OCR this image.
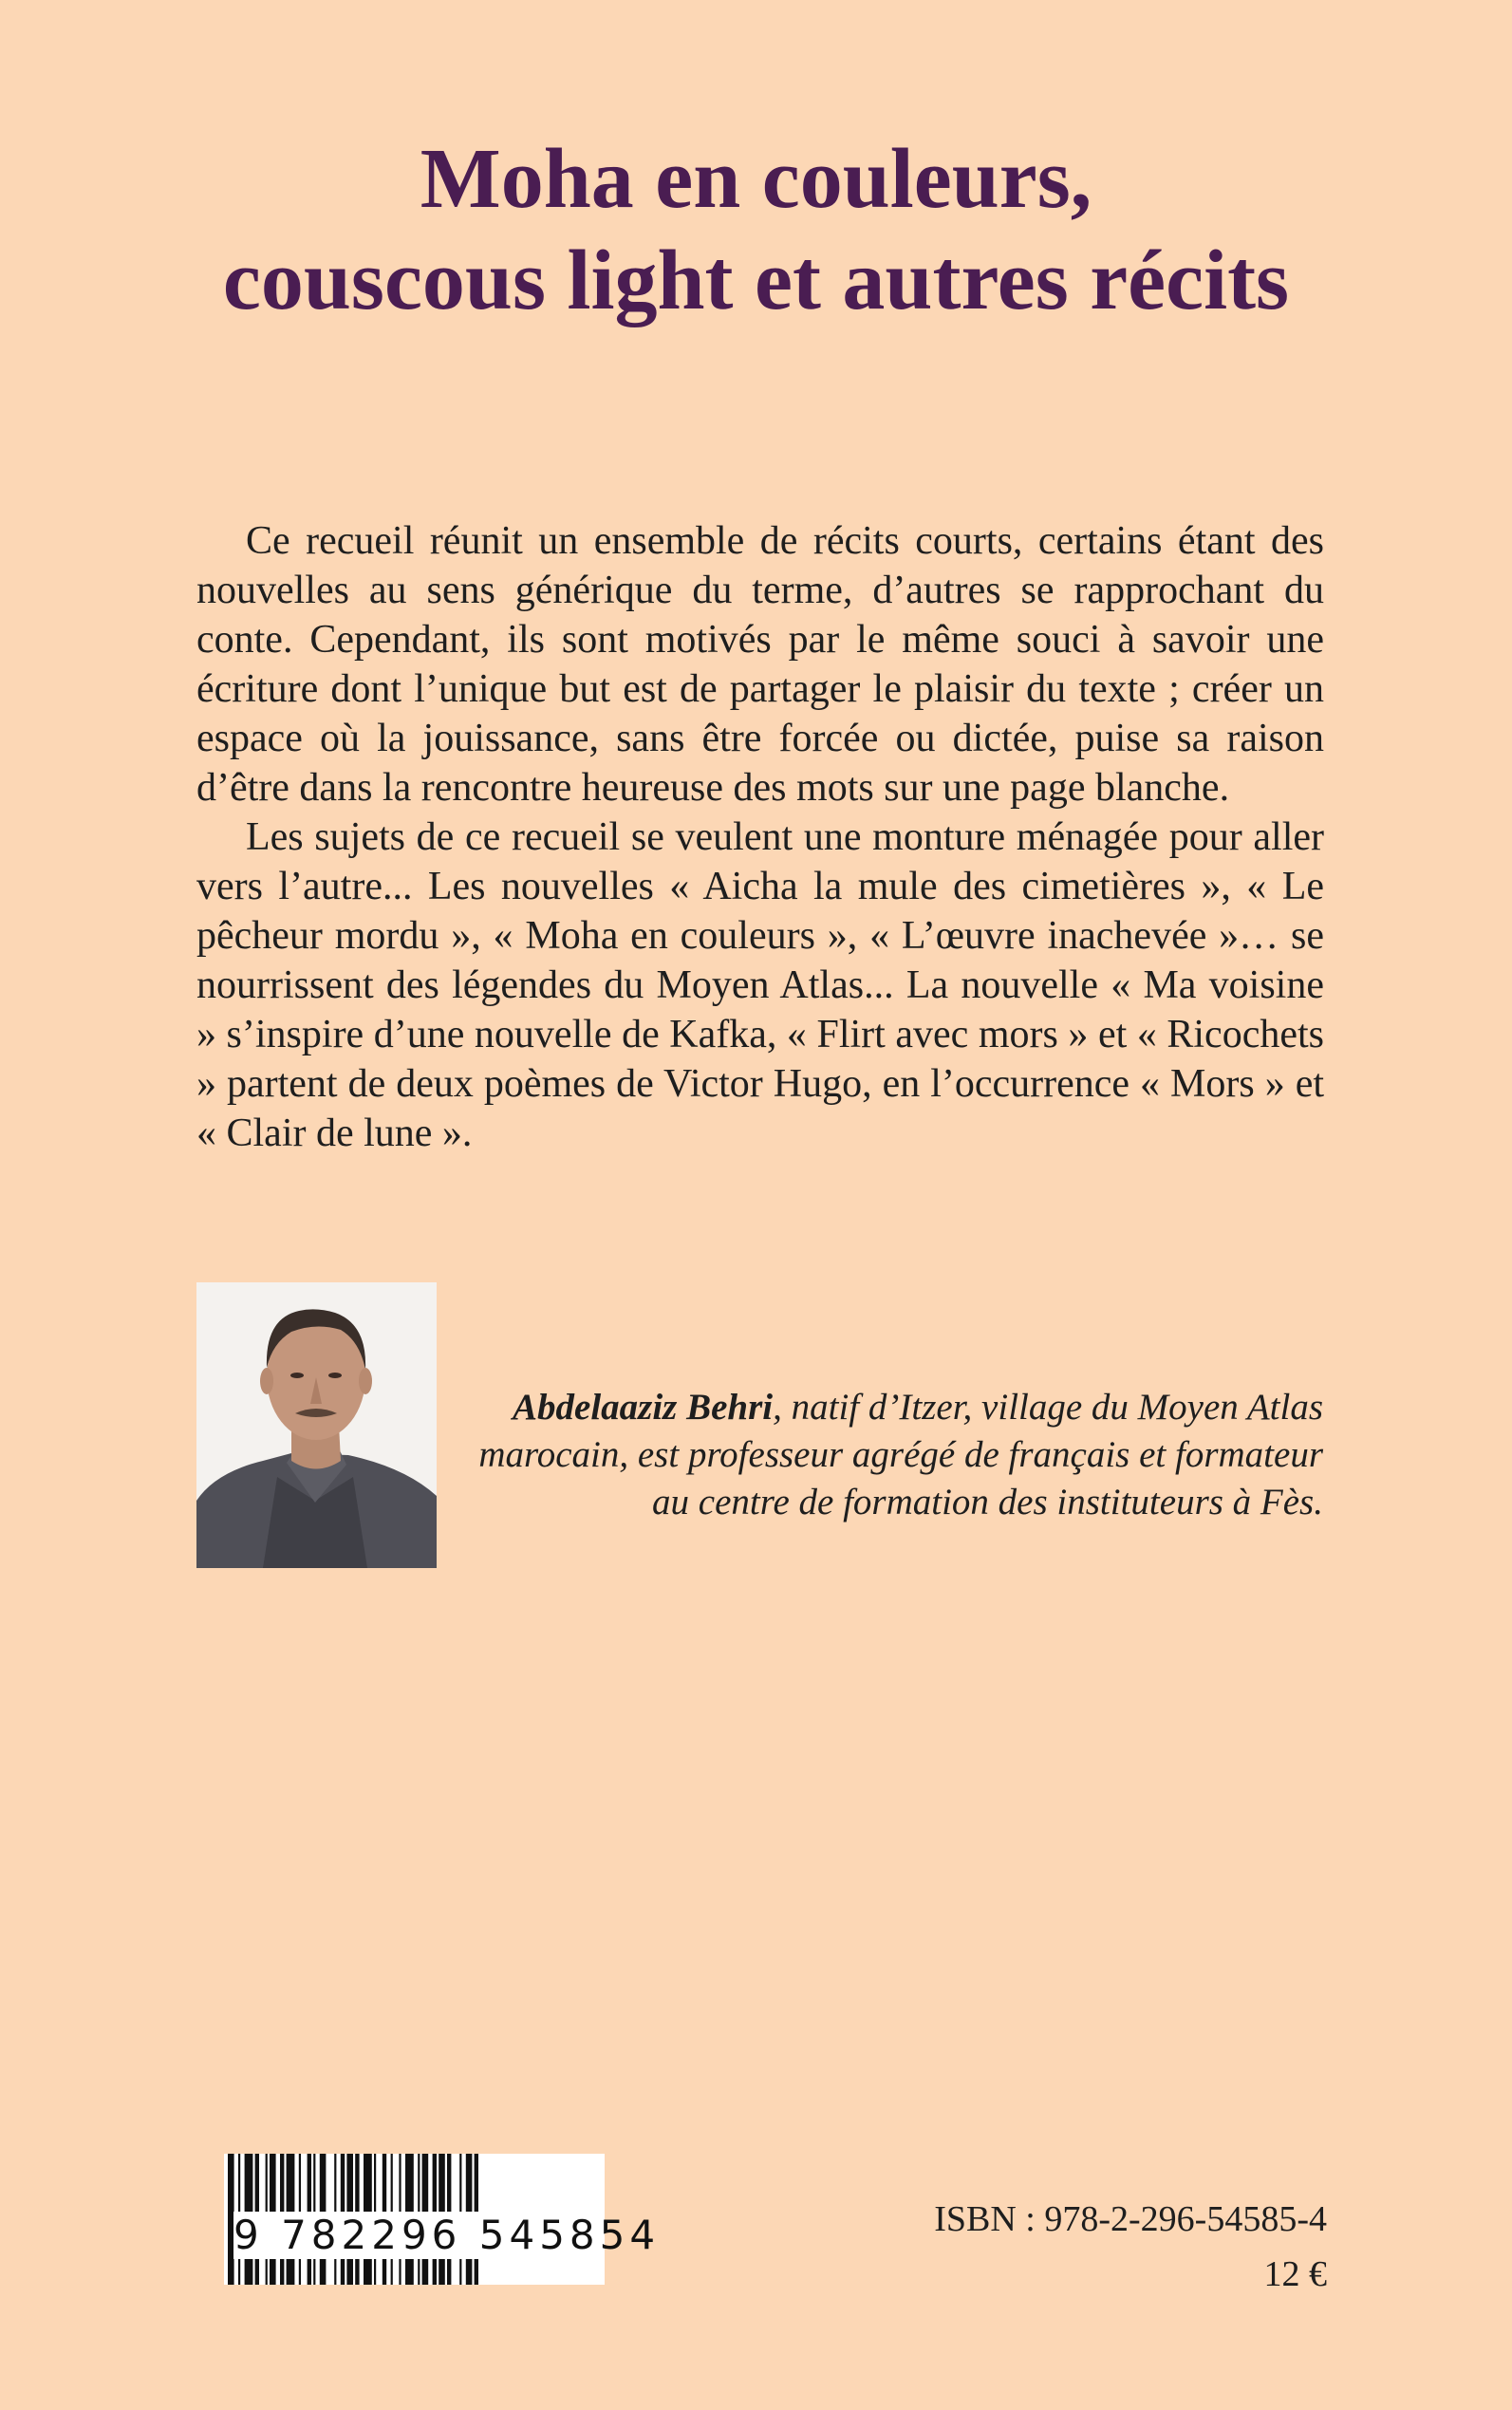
Moha en couleurs,
couscous light et autres récits

Ce recueil réunit un ensemble de récits courts, certains étant des nouvelles au sens générique du terme, d’autres se rapprochant du conte. Cependant, ils sont motivés par le même souci à savoir une écriture dont l’unique but est de partager le plaisir du texte ; créer un espace où la jouissance, sans être forcée ou dictée, puise sa raison d’être dans la rencontre heureuse des mots sur une page blanche.

Les sujets de ce recueil se veulent une monture ménagée pour aller vers l’autre... Les nouvelles « Aicha la mule des cimetières », « Le pêcheur mordu », « Moha en couleurs », « L’œuvre inachevée »… se nourrissent des légendes du Moyen Atlas... La nouvelle « Ma voisine » s’inspire d’une nouvelle de Kafka, « Flirt avec mors » et « Ricochets » partent de deux poèmes de Victor Hugo, en l’occurrence « Mors » et « Clair de lune ».

Abdelaaziz Behri, natif d’Itzer, village du Moyen Atlas marocain, est professeur agrégé de français et formateur au centre de formation des instituteurs à Fès.

9 782296 545854	ISBN : 978-2-296-54585-4
12 €
